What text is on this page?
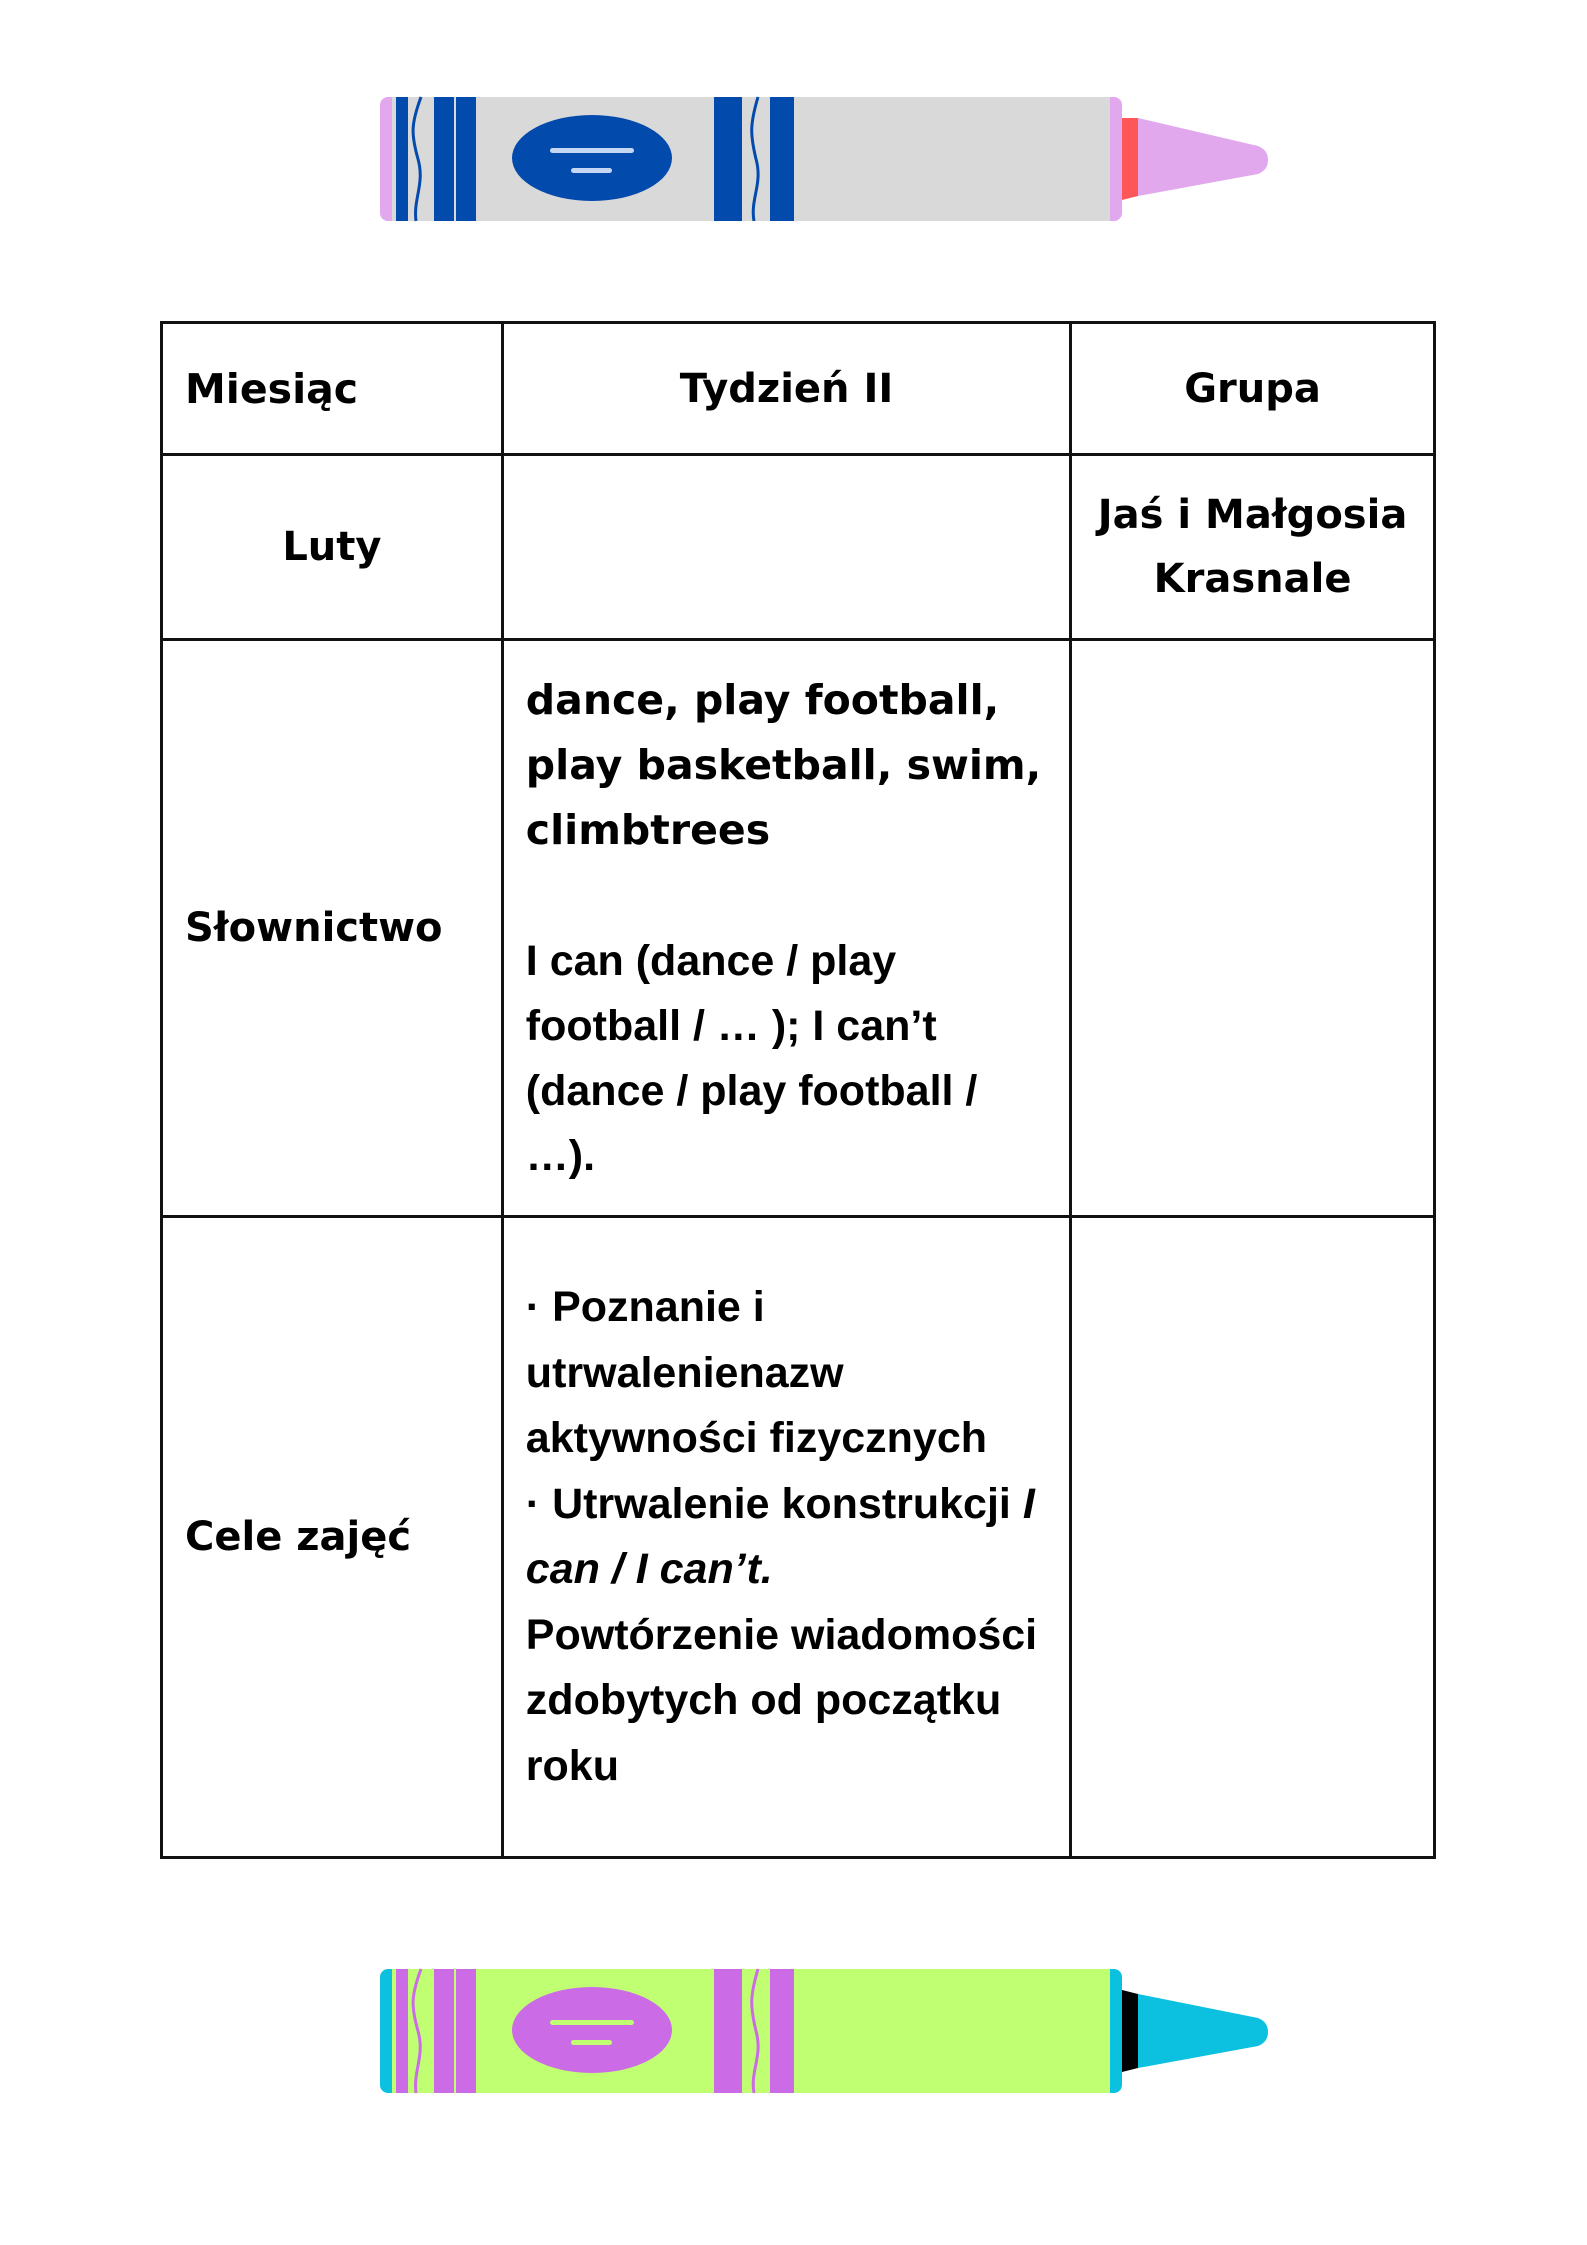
Miesiąc	Tydzień II	Grupa
Luty		Jaś i Małgosia
Krasnale

Słownictwo	dance, play football, play basketball, swim, climbtrees
I can (dance / play football / … ); I can’t (dance / play football / …).	

Cele zajęć	· Poznanie i utrwalenienazw aktywności fizycznych
· Utrwalenie konstrukcji I can / I can’t.
Powtórzenie wiadomości zdobytych od początku roku	
